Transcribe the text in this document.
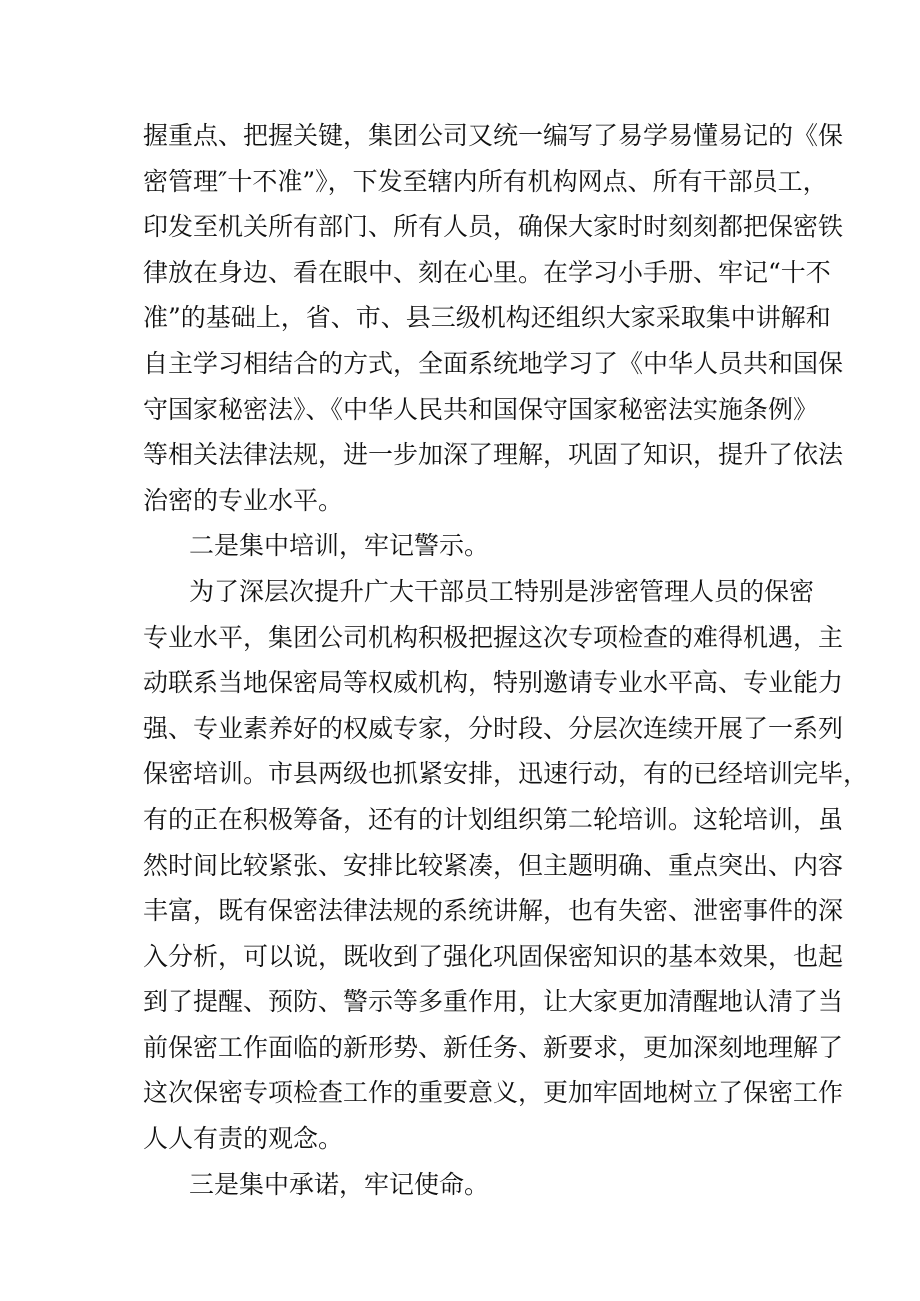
握重点、把握关键，集团公司又统一编写了易学易懂易记的《保
密管理″十不准”》，下发至辖内所有机构网点、所有干部员工，
印发至机关所有部门、所有人员，确保大家时时刻刻都把保密铁
律放在身边、看在眼中、刻在心里。在学习小手册、牢记“十不
准”的基础上，省、市、县三级机构还组织大家采取集中讲解和
自主学习相结合的方式，全面系统地学习了《中华人员共和国保
守国家秘密法》、《中华人民共和国保守国家秘密法实施条例》
等相关法律法规，进一步加深了理解，巩固了知识，提升了依法
治密的专业水平。
二是集中培训，牢记警示。
为了深层次提升广大干部员工特别是涉密管理人员的保密
专业水平，集团公司机构积极把握这次专项检查的难得机遇，主
动联系当地保密局等权威机构，特别邀请专业水平高、专业能力
强、专业素养好的权威专家，分时段、分层次连续开展了一系列
保密培训。市县两级也抓紧安排，迅速行动，有的已经培训完毕，
有的正在积极筹备，还有的计划组织第二轮培训。这轮培训，虽
然时间比较紧张、安排比较紧凑，但主题明确、重点突出、内容
丰富，既有保密法律法规的系统讲解，也有失密、泄密事件的深
入分析，可以说，既收到了强化巩固保密知识的基本效果，也起
到了提醒、预防、警示等多重作用，让大家更加清醒地认清了当
前保密工作面临的新形势、新任务、新要求，更加深刻地理解了
这次保密专项检查工作的重要意义，更加牢固地树立了保密工作
人人有责的观念。
三是集中承诺，牢记使命。
